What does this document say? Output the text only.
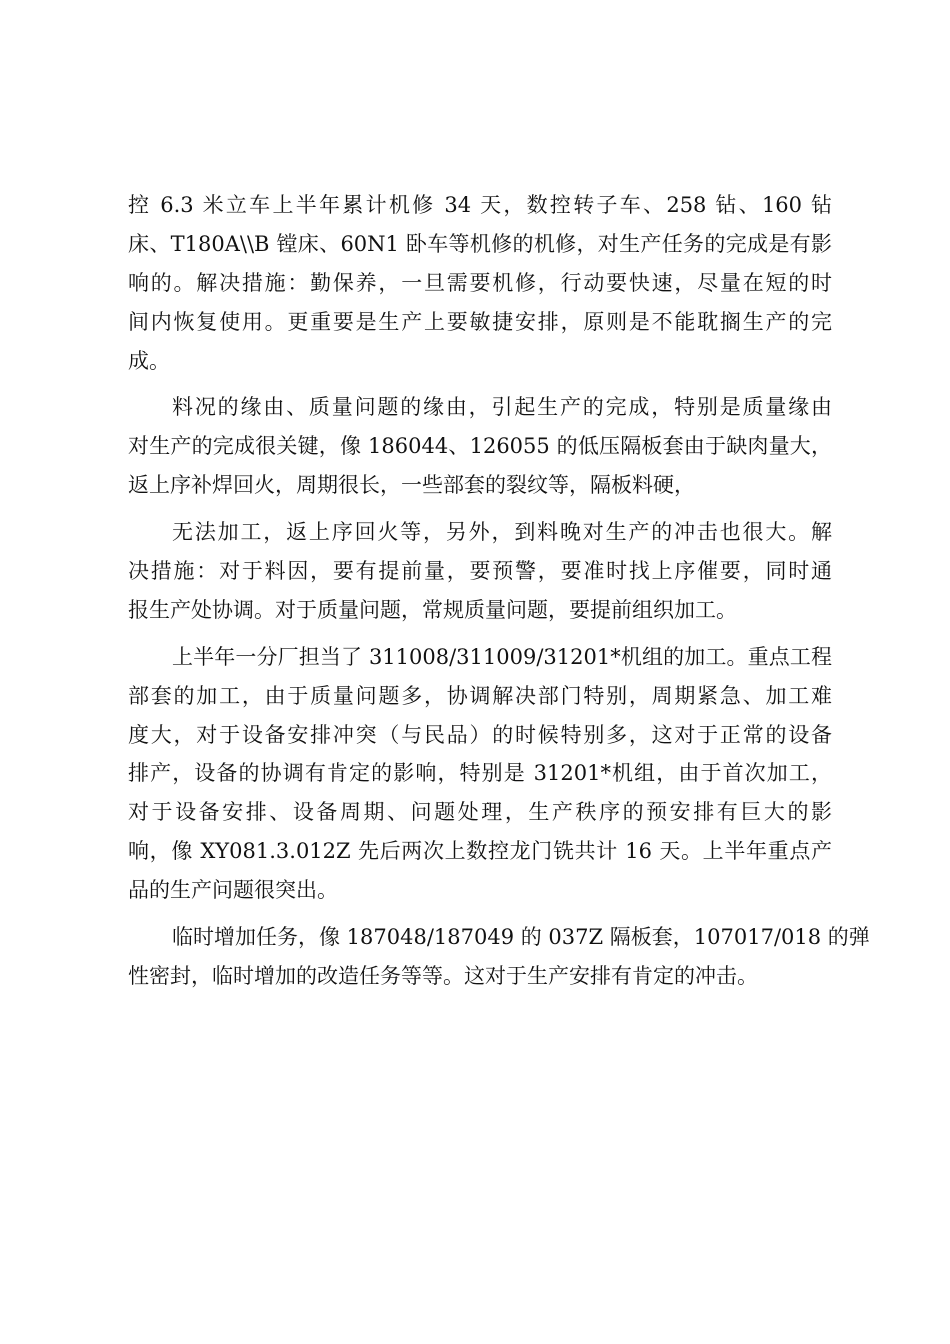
控 6.3 米立车上半年累计机修 34 天，数控转子车、258 钻、160 钻
床、T180A\\B 镗床、60N1 卧车等机修的机修，对生产任务的完成是有影
响的。解决措施：勤保养，一旦需要机修，行动要快速，尽量在短的时
间内恢复使用。更重要是生产上要敏捷安排，原则是不能耽搁生产的完
成。
料况的缘由、质量问题的缘由，引起生产的完成，特别是质量缘由
对生产的完成很关键，像 186044、126055 的低压隔板套由于缺肉量大，
返上序补焊回火，周期很长，一些部套的裂纹等，隔板料硬，
无法加工，返上序回火等，另外，到料晚对生产的冲击也很大。解
决措施：对于料因，要有提前量，要预警，要准时找上序催要，同时通
报生产处协调。对于质量问题，常规质量问题，要提前组织加工。
上半年一分厂担当了 311008/311009/31201*机组的加工。重点工程
部套的加工，由于质量问题多，协调解决部门特别，周期紧急、加工难
度大，对于设备安排冲突（与民品）的时候特别多，这对于正常的设备
排产，设备的协调有肯定的影响，特别是 31201*机组，由于首次加工，
对于设备安排、设备周期、问题处理，生产秩序的预安排有巨大的影
响，像 XY081.3.012Z 先后两次上数控龙门铣共计 16 天。上半年重点产
品的生产问题很突出。
临时增加任务，像 187048/187049 的 037Z 隔板套，107017/018 的弹
性密封，临时增加的改造任务等等。这对于生产安排有肯定的冲击。
